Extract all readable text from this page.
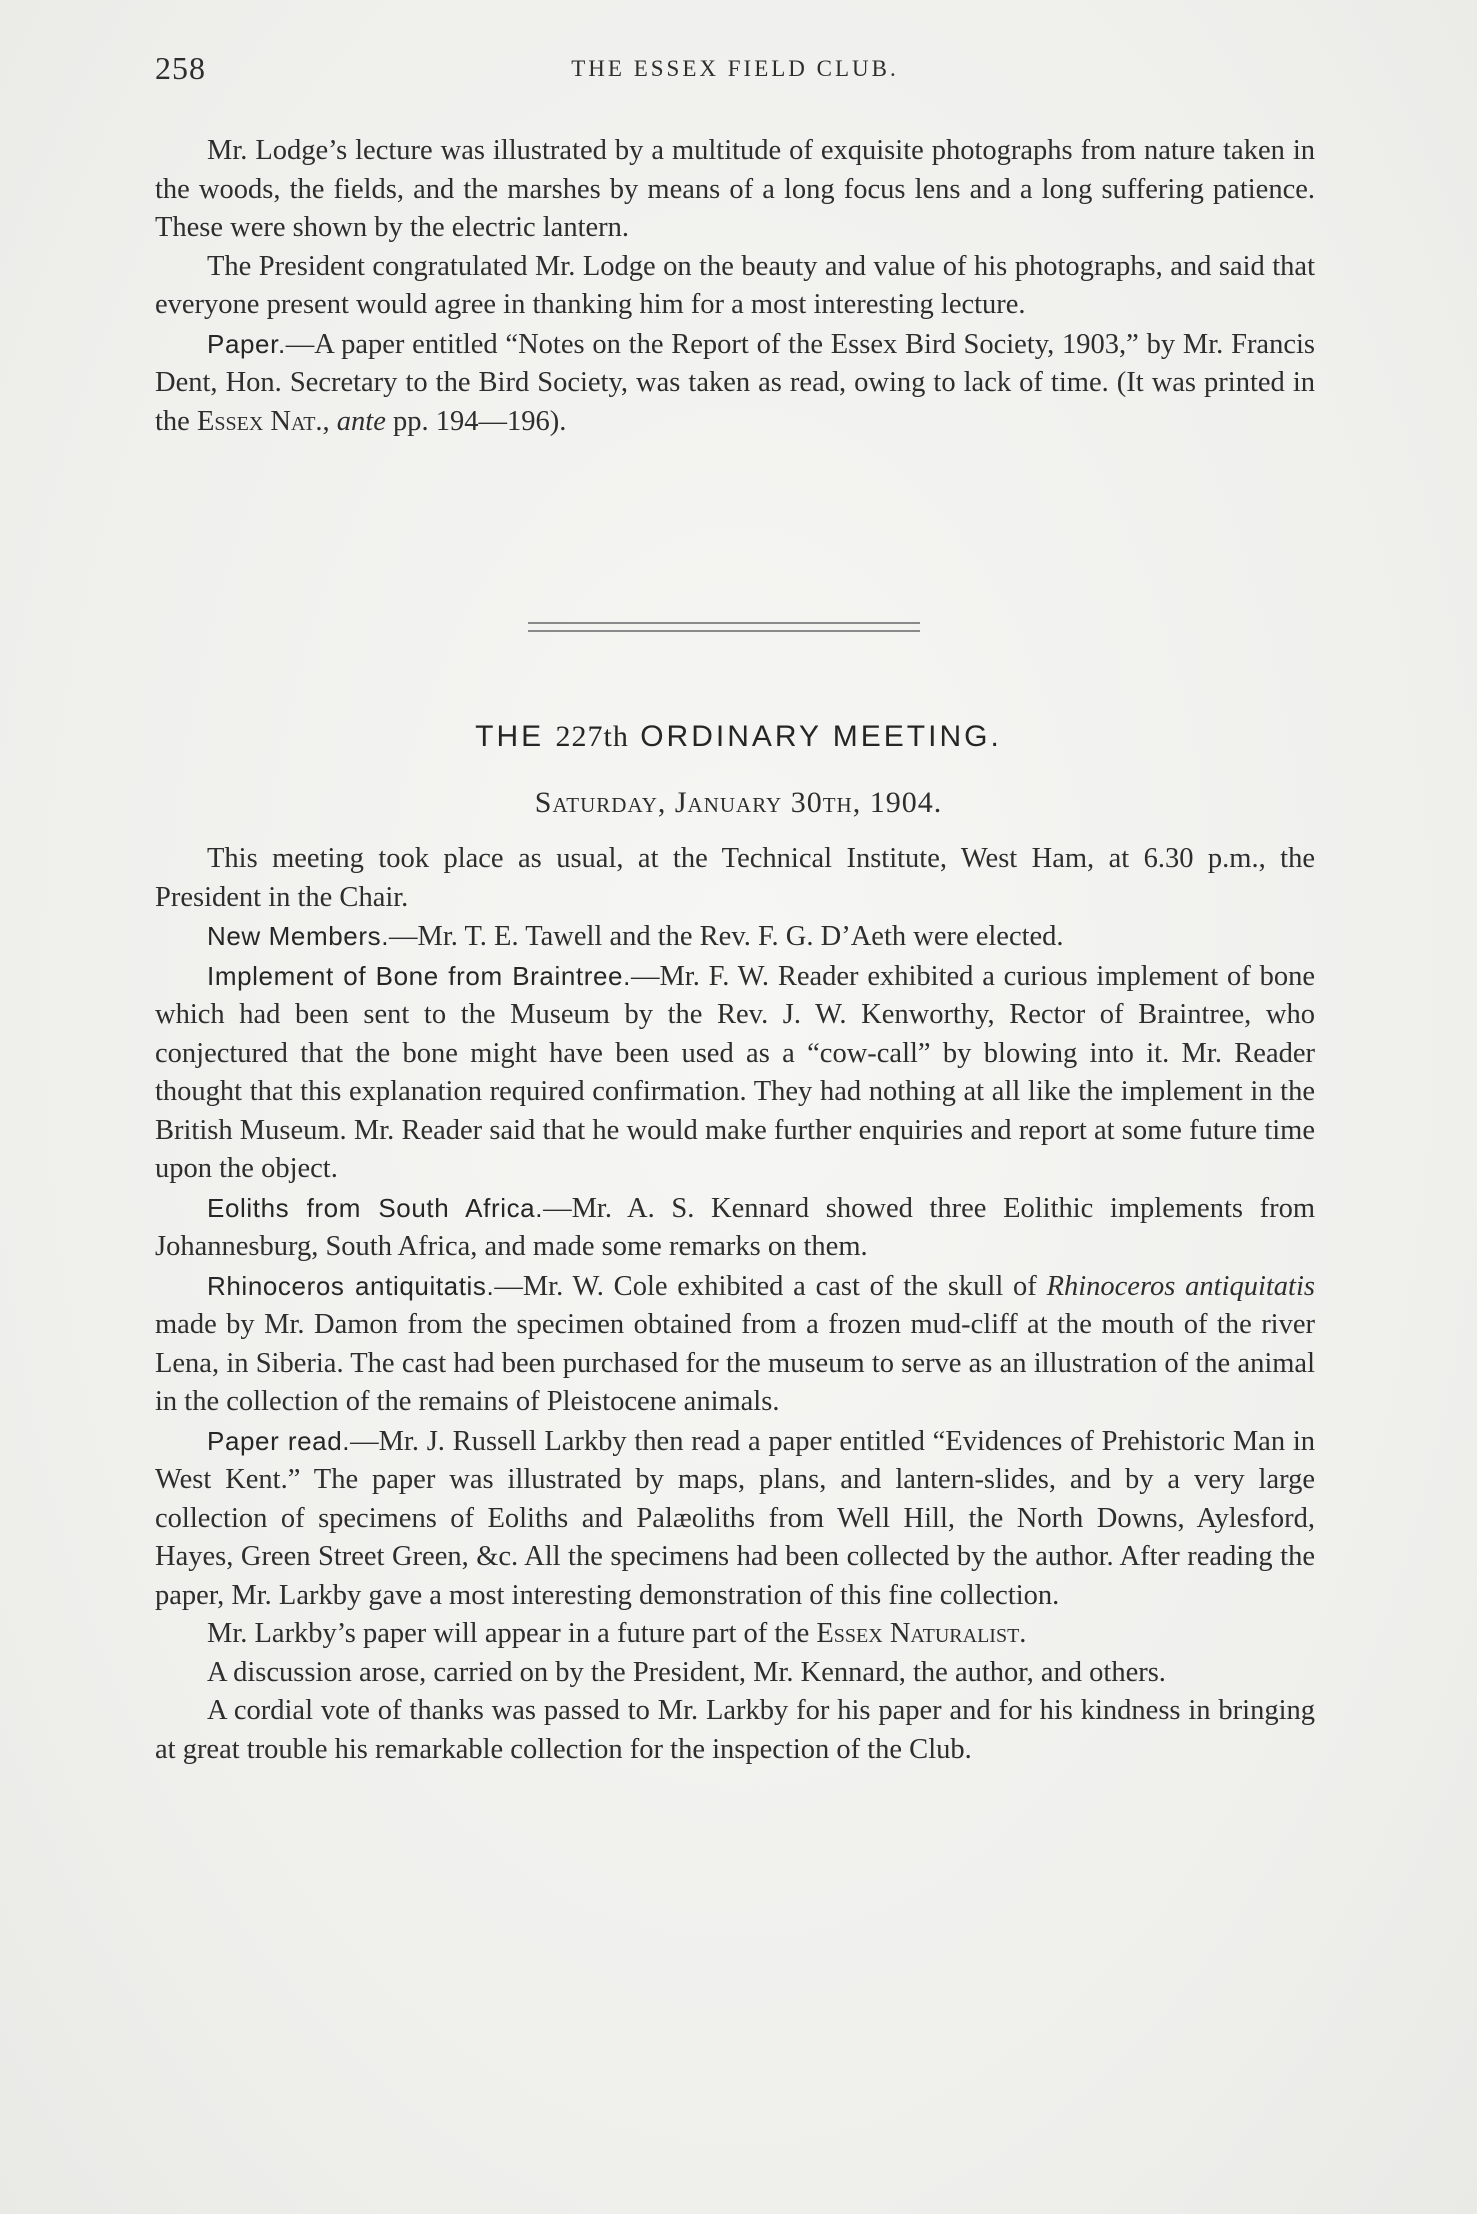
258	THE ESSEX FIELD CLUB.

Mr. Lodge’s lecture was illustrated by a multitude of exquisite photographs from nature taken in the woods, the fields, and the marshes by means of a long focus lens and a long suffering patience. These were shown by the electric lantern.

The President congratulated Mr. Lodge on the beauty and value of his photographs, and said that everyone present would agree in thanking him for a most interesting lecture.

Paper.—A paper entitled “Notes on the Report of the Essex Bird Society, 1903,” by Mr. Francis Dent, Hon. Secretary to the Bird Society, was taken as read, owing to lack of time. (It was printed in the Essex Nat., ante pp. 194—196).

THE 227th ORDINARY MEETING.
Saturday, January 30th, 1904.

This meeting took place as usual, at the Technical Institute, West Ham, at 6.30 p.m., the President in the Chair.

New Members.—Mr. T. E. Tawell and the Rev. F. G. D’Aeth were elected.

Implement of Bone from Braintree.—Mr. F. W. Reader exhibited a curious implement of bone which had been sent to the Museum by the Rev. J. W. Kenworthy, Rector of Braintree, who conjectured that the bone might have been used as a “cow-call” by blowing into it. Mr. Reader thought that this explanation required confirmation. They had nothing at all like the implement in the British Museum. Mr. Reader said that he would make further enquiries and report at some future time upon the object.

Eoliths from South Africa.—Mr. A. S. Kennard showed three Eolithic implements from Johannesburg, South Africa, and made some remarks on them.

Rhinoceros antiquitatis.—Mr. W. Cole exhibited a cast of the skull of Rhinoceros antiquitatis made by Mr. Damon from the specimen obtained from a frozen mud-cliff at the mouth of the river Lena, in Siberia. The cast had been purchased for the museum to serve as an illustration of the animal in the collection of the remains of Pleistocene animals.

Paper read.—Mr. J. Russell Larkby then read a paper entitled “Evidences of Prehistoric Man in West Kent.” The paper was illustrated by maps, plans, and lantern-slides, and by a very large collection of specimens of Eoliths and Palæoliths from Well Hill, the North Downs, Aylesford, Hayes, Green Street Green, &c. All the specimens had been collected by the author. After reading the paper, Mr. Larkby gave a most interesting demonstration of this fine collection.

Mr. Larkby’s paper will appear in a future part of the Essex Naturalist.

A discussion arose, carried on by the President, Mr. Kennard, the author, and others.

A cordial vote of thanks was passed to Mr. Larkby for his paper and for his kindness in bringing at great trouble his remarkable collection for the inspection of the Club.
